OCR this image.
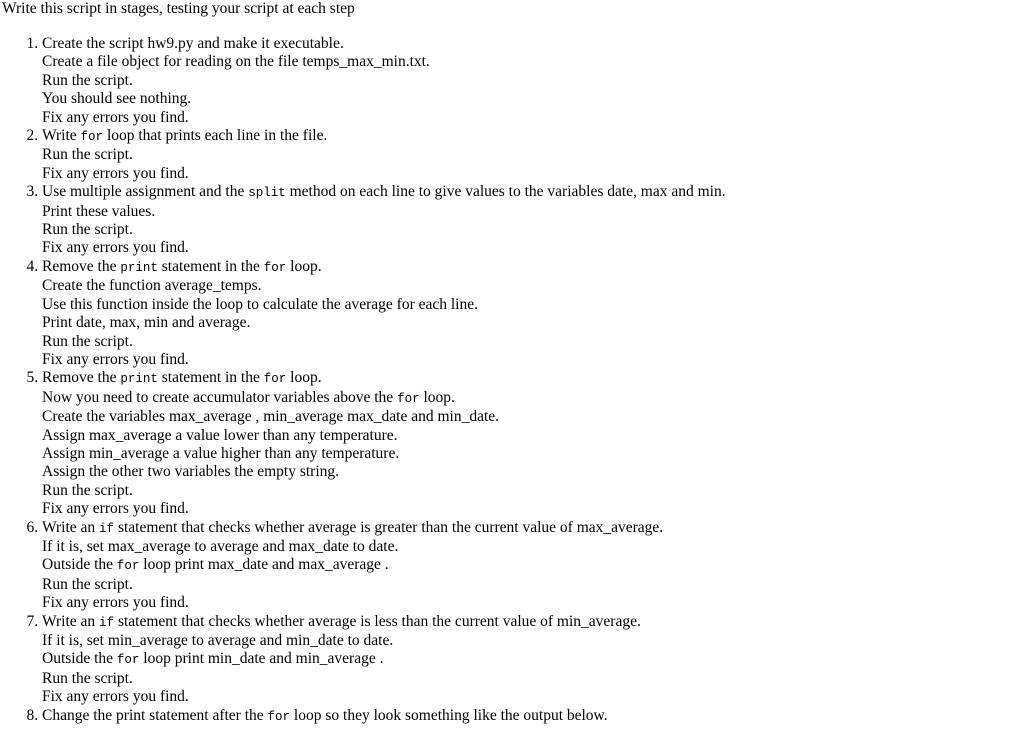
Write this script in stages, testing your script at each step

1. Create the script hw9.py and make it executable.
Create a file object for reading on the file temps_max_min.txt.
Run the script.
You should see nothing.
Fix any errors you find.
2. Write for loop that prints each line in the file.
Run the script.
Fix any errors you find.
3. Use multiple assignment and the split method on each line to give values to the variables date, max and min.
Print these values.
Run the script.
Fix any errors you find.
4. Remove the print statement in the for loop.
Create the function average_temps.
Use this function inside the loop to calculate the average for each line.
Print date, max, min and average.
Run the script.
Fix any errors you find.
5. Remove the print statement in the for loop.
Now you need to create accumulator variables above the for loop.
Create the variables max_average , min_average max_date and min_date.
Assign max_average a value lower than any temperature.
Assign min_average a value higher than any temperature.
Assign the other two variables the empty string.
Run the script.
Fix any errors you find.
6. Write an if statement that checks whether average is greater than the current value of max_average.
If it is, set max_average to average and max_date to date.
Outside the for loop print max_date and max_average .
Run the script.
Fix any errors you find.
7. Write an if statement that checks whether average is less than the current value of min_average.
If it is, set min_average to average and min_date to date.
Outside the for loop print min_date and min_average .
Run the script.
Fix any errors you find.
8. Change the print statement after the for loop so they look something like the output below.
